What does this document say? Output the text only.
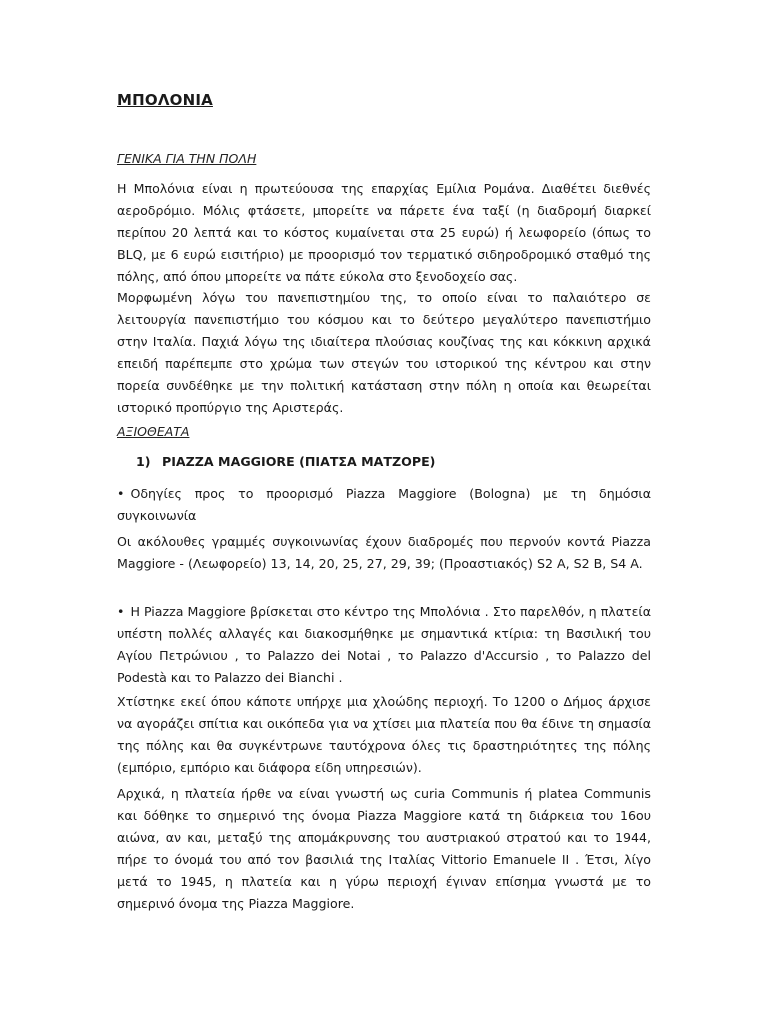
ΜΠΟΛΟΝΙΑ
ΓΕΝΙΚΑ ΓΙΑ ΤΗΝ ΠΟΛΗ

Η Μπολόνια είναι η πρωτεύουσα της επαρχίας Εμίλια Ρομάνα. Διαθέτει διεθνές αεροδρόμιο. Μόλις φτάσετε, μπορείτε να πάρετε ένα ταξί (η διαδρομή διαρκεί περίπου 20 λεπτά και το κόστος κυμαίνεται στα 25 ευρώ) ή λεωφορείο (όπως το BLQ, με 6 ευρώ εισιτήριο) με προορισμό τον τερματικό σιδηροδρομικό σταθμό της πόλης, από όπου μπορείτε να πάτε εύκολα στο ξενοδοχείο σας.

Μορφωμένη λόγω του πανεπιστημίου της, το οποίο είναι το παλαιότερο σε λειτουργία πανεπιστήμιο του κόσμου και το δεύτερο μεγαλύτερο πανεπιστήμιο στην Ιταλία. Παχιά λόγω της ιδιαίτερα πλούσιας κουζίνας της και κόκκινη αρχικά επειδή παρέπεμπε στο χρώμα των στεγών του ιστορικού της κέντρου και στην πορεία συνδέθηκε με την πολιτική κατάσταση στην πόλη η οποία και θεωρείται ιστορικό προπύργιο της Αριστεράς.

ΑΞΙΟΘΕΑΤΑ
1) PIAZZA MAGGIORE (ΠΙΑΤΣΑ ΜΑΤΖΟΡΕ)

• Οδηγίες προς το προορισμό Piazza Maggiore (Bologna) με τη δημόσια συγκοινωνία

Οι ακόλουθες γραμμές συγκοινωνίας έχουν διαδρομές που περνούν κοντά Piazza Maggiore - (Λεωφορείο) 13, 14, 20, 25, 27, 29, 39; (Προαστιακός) S2 A, S2 B, S4 A.

• Η Piazza Maggiore βρίσκεται στο κέντρο της Μπολόνια . Στο παρελθόν, η πλατεία υπέστη πολλές αλλαγές και διακοσμήθηκε με σημαντικά κτίρια: τη Βασιλική του Αγίου Πετρώνιου , το Palazzo dei Notai , το Palazzo d'Accursio , το Palazzo del Podestà και το Palazzo dei Bianchi .

Χτίστηκε εκεί όπου κάποτε υπήρχε μια χλοώδης περιοχή. Το 1200 ο Δήμος άρχισε να αγοράζει σπίτια και οικόπεδα για να χτίσει μια πλατεία που θα έδινε τη σημασία της πόλης και θα συγκέντρωνε ταυτόχρονα όλες τις δραστηριότητες της πόλης (εμπόριο, εμπόριο και διάφορα είδη υπηρεσιών).

Αρχικά, η πλατεία ήρθε να είναι γνωστή ως curia Communis ή platea Communis και δόθηκε το σημερινό της όνομα Piazza Maggiore κατά τη διάρκεια του 16ου αιώνα, αν και, μεταξύ της απομάκρυνσης του αυστριακού στρατού και το 1944, πήρε το όνομά του από τον βασιλιά της Ιταλίας Vittorio Emanuele II . Έτσι, λίγο μετά το 1945, η πλατεία και η γύρω περιοχή έγιναν επίσημα γνωστά με το σημερινό όνομα της Piazza Maggiore.
